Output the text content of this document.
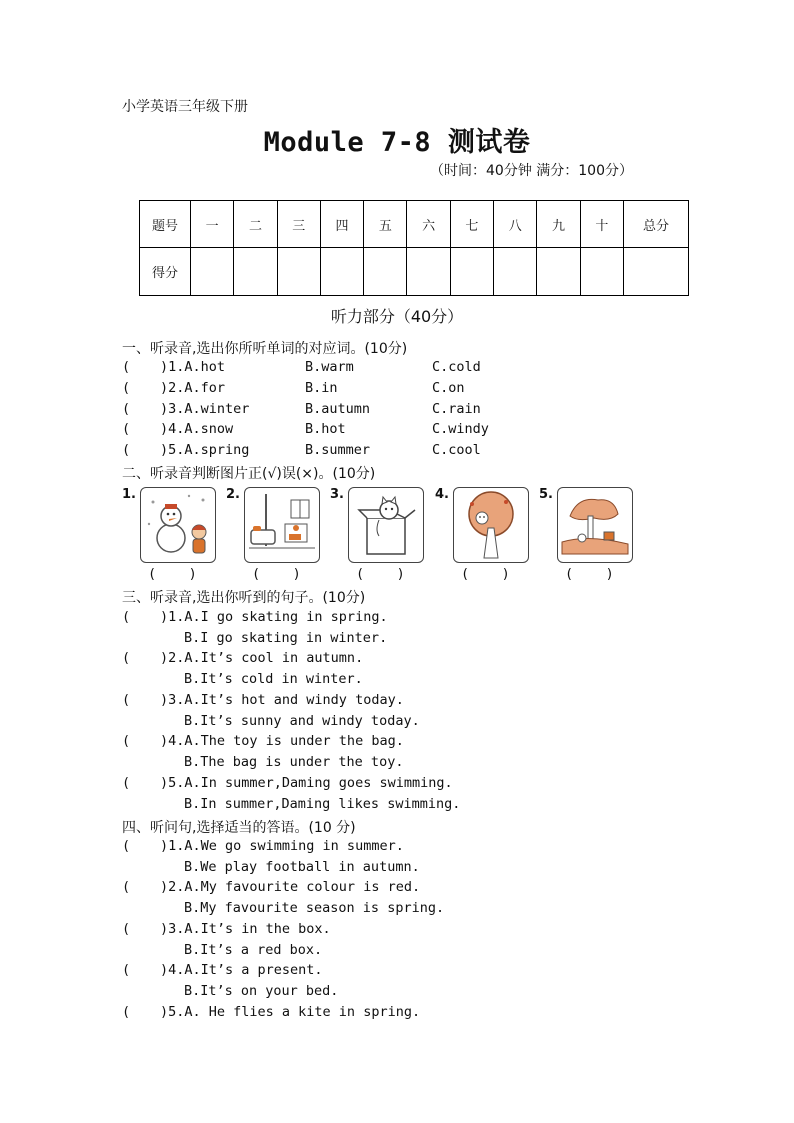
小学英语三年级下册
Module 7-8 测试卷
（时间：40分钟 满分：100分）
题号	一	二	三	四	五	六	七	八	九	十	总分
得分											
听力部分（40分）
一、听录音,选出你所听单词的对应词。(10分)
( )1.A.hot	B.warm	C.cold
( )2.A.for	B.in	C.on
( )3.A.winter	B.autumn	C.rain
( )4.A.snow	B.hot	C.windy
( )5.A.spring	B.summer	C.cool
二、听录音判断图片正(√)误(×)。(10分)
1.	2.	3.	4.	5.
(    )	(    )	(    )	(    )	(    )
三、听录音,选出你听到的句子。(10分)
( )1.A.I go skating in spring.
B.I go skating in winter.
( )2.A.It’s cool in autumn.
B.It’s cold in winter.
( )3.A.It’s hot and windy today.
B.It’s sunny and windy today.
( )4.A.The toy is under the bag.
B.The bag is under the toy.
( )5.A.In summer,Daming goes swimming.
B.In summer,Daming likes swimming.
四、听问句,选择适当的答语。(10 分)
( )1.A.We go swimming in summer.
B.We play football in autumn.
( )2.A.My favourite colour is red.
B.My favourite season is spring.
( )3.A.It’s in the box.
B.It’s a red box.
( )4.A.It’s a present.
B.It’s on your bed.
( )5.A. He flies a kite in spring.
